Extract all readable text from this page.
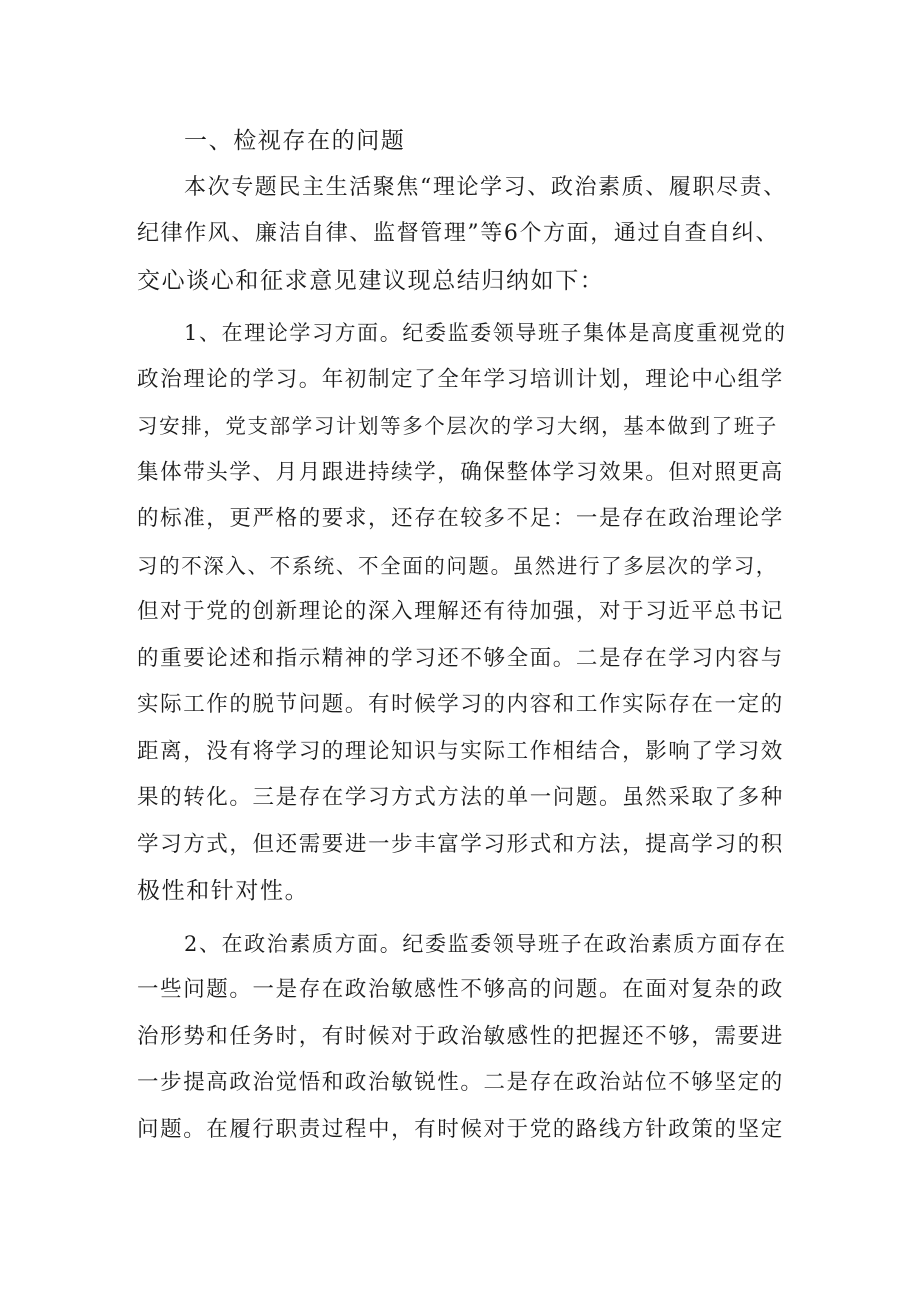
一、检视存在的问题
本次专题民主生活聚焦“理论学习、政治素质、履职尽责、
纪律作风、廉洁自律、监督管理”等6个方面，通过自查自纠、
交心谈心和征求意见建议现总结归纳如下：
1、在理论学习方面。纪委监委领导班子集体是高度重视党的
政治理论的学习。年初制定了全年学习培训计划，理论中心组学
习安排，党支部学习计划等多个层次的学习大纲，基本做到了班子
集体带头学、月月跟进持续学，确保整体学习效果。但对照更高
的标准，更严格的要求，还存在较多不足：一是存在政治理论学
习的不深入、不系统、不全面的问题。虽然进行了多层次的学习，
但对于党的创新理论的深入理解还有待加强，对于习近平总书记
的重要论述和指示精神的学习还不够全面。二是存在学习内容与
实际工作的脱节问题。有时候学习的内容和工作实际存在一定的
距离，没有将学习的理论知识与实际工作相结合，影响了学习效
果的转化。三是存在学习方式方法的单一问题。虽然采取了多种
学习方式，但还需要进一步丰富学习形式和方法，提高学习的积
极性和针对性。
2、在政治素质方面。纪委监委领导班子在政治素质方面存在
一些问题。一是存在政治敏感性不够高的问题。在面对复杂的政
治形势和任务时，有时候对于政治敏感性的把握还不够，需要进
一步提高政治觉悟和政治敏锐性。二是存在政治站位不够坚定的
问题。在履行职责过程中，有时候对于党的路线方针政策的坚定
